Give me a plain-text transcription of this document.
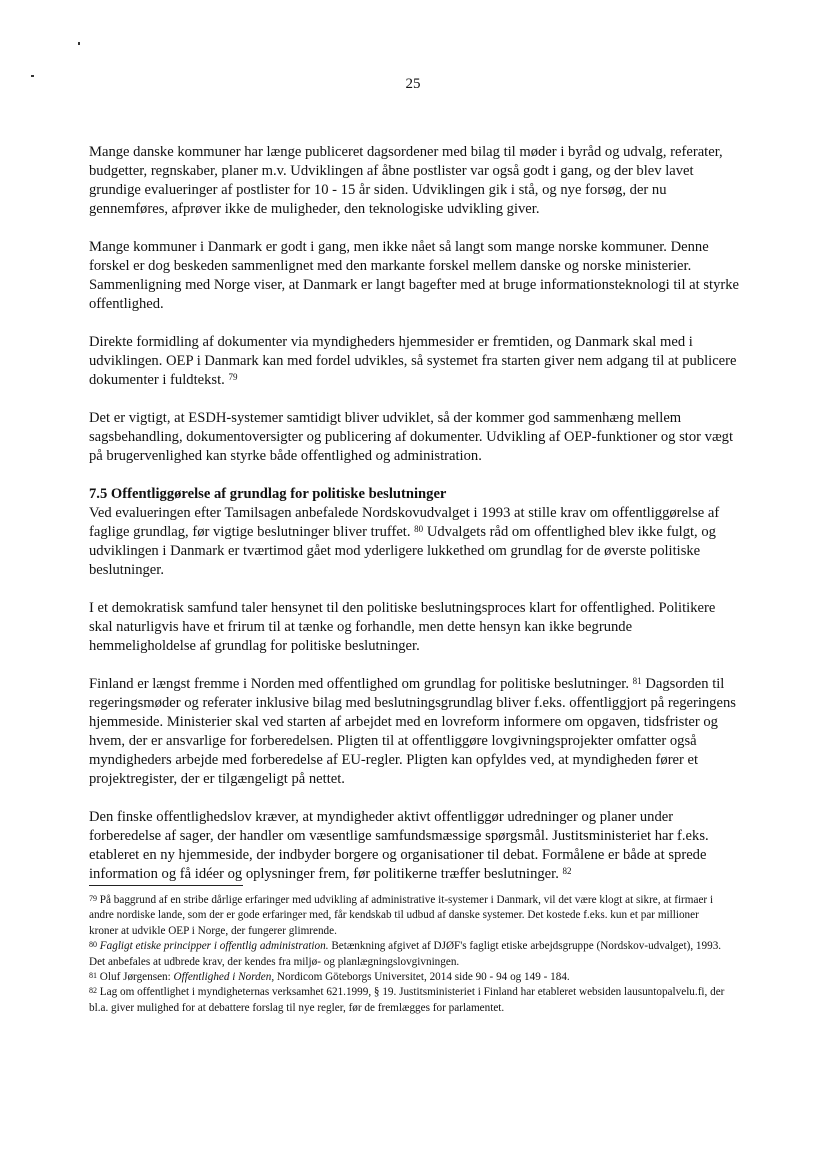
25

Mange danske kommuner har længe publiceret dagsordener med bilag til møder i byråd og udvalg, referater, budgetter, regnskaber, planer m.v. Udviklingen af åbne postlister var også godt i gang, og der blev lavet grundige evalueringer af postlister for 10 - 15 år siden. Udviklingen gik i stå, og nye forsøg, der nu gennemføres, afprøver ikke de muligheder, den teknologiske udvikling giver.

Mange kommuner i Danmark er godt i gang, men ikke nået så langt som mange norske kommuner. Denne forskel er dog beskeden sammenlignet med den markante forskel mellem danske og norske ministerier. Sammenligning med Norge viser, at Danmark er langt bagefter med at bruge informationsteknologi til at styrke offentlighed.

Direkte formidling af dokumenter via myndigheders hjemmesider er fremtiden, og Danmark skal med i udviklingen. OEP i Danmark kan med fordel udvikles, så systemet fra starten giver nem adgang til at publicere dokumenter i fuldtekst. $^{79}$

Det er vigtigt, at ESDH-systemer samtidigt bliver udviklet, så der kommer god sammenhæng mellem sagsbehandling, dokumentoversigter og publicering af dokumenter. Udvikling af OEP-funktioner og stor vægt på brugervenlighed kan styrke både offentlighed og administration.

7.5 Offentliggørelse af grundlag for politiske beslutninger
Ved evalueringen efter Tamilsagen anbefalede Nordskovudvalget i 1993 at stille krav om offentliggørelse af faglige grundlag, før vigtige beslutninger bliver truffet. $^{80}$ Udvalgets råd om offentlighed blev ikke fulgt, og udviklingen i Danmark er tværtimod gået mod yderligere lukkethed om grundlag for de øverste politiske beslutninger.

I et demokratisk samfund taler hensynet til den politiske beslutningsproces klart for offentlighed. Politikere skal naturligvis have et frirum til at tænke og forhandle, men dette hensyn kan ikke begrunde hemmeligholdelse af grundlag for politiske beslutninger.

Finland er længst fremme i Norden med offentlighed om grundlag for politiske beslutninger. $^{81}$ Dagsorden til regeringsmøder og referater inklusive bilag med beslutningsgrundlag bliver f.eks. offentliggjort på regeringens hjemmeside. Ministerier skal ved starten af arbejdet med en lovreform informere om opgaven, tidsfrister og hvem, der er ansvarlige for forberedelsen. Pligten til at offentliggøre lovgivningsprojekter omfatter også myndigheders arbejde med forberedelse af EU-regler. Pligten kan opfyldes ved, at myndigheden fører et projektregister, der er tilgængeligt på nettet.

Den finske offentlighedslov kræver, at myndigheder aktivt offentliggør udredninger og planer under forberedelse af sager, der handler om væsentlige samfundsmæssige spørgsmål. Justitsministeriet har f.eks. etableret en ny hjemmeside, der indbyder borgere og organisationer til debat. Formålene er både at sprede information og få idéer og oplysninger frem, før politikerne træffer beslutninger. $^{82}$

$^{79}$ På baggrund af en stribe dårlige erfaringer med udvikling af administrative it-systemer i Danmark, vil det være klogt at sikre, at firmaer i andre nordiske lande, som der er gode erfaringer med, får kendskab til udbud af danske systemer. Det kostede f.eks. kun et par millioner kroner at udvikle OEP i Norge, der fungerer glimrende.

$^{80}$ Fagligt etiske principper i offentlig administration. Betænkning afgivet af DJØF's fagligt etiske arbejdsgruppe (Nordskov-udvalget), 1993. Det anbefales at udbrede krav, der kendes fra miljø- og planlægningslovgivningen.

$^{81}$ Oluf Jørgensen: Offentlighed i Norden, Nordicom Göteborgs Universitet, 2014 side 90 - 94 og 149 - 184.

$^{82}$ Lag om offentlighet i myndigheternas verksamhet 621.1999, § 19. Justitsministeriet i Finland har etableret websiden lausuntopalvelu.fi, der bl.a. giver mulighed for at debattere forslag til nye regler, før de fremlægges for parlamentet.
